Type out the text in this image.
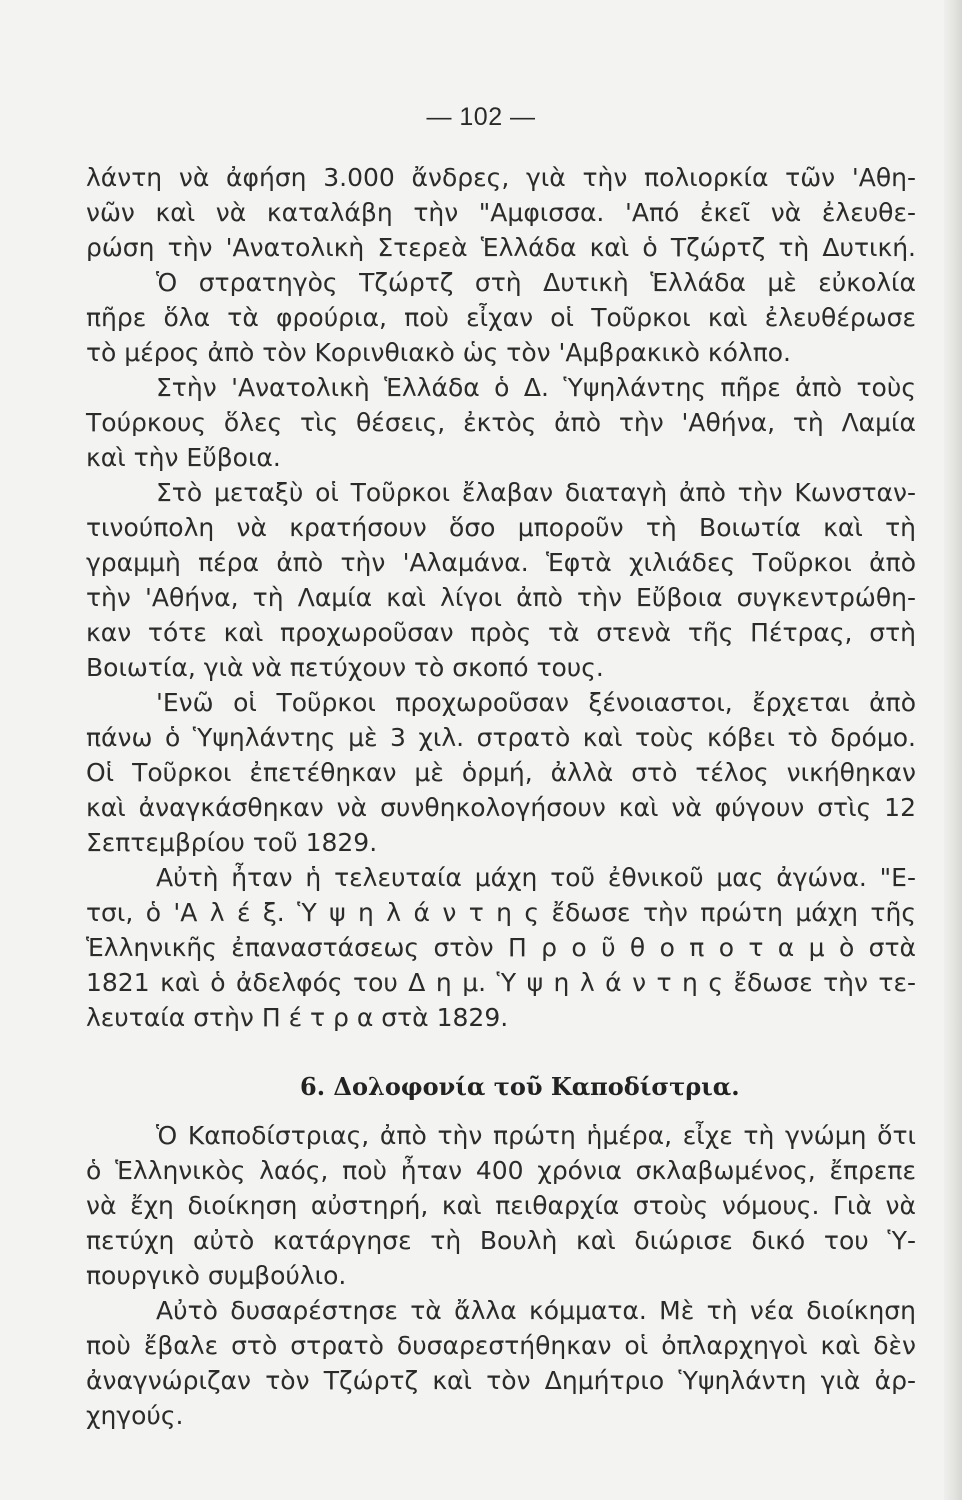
— 102 —
λάντη νὰ ἀφήση 3.000 ἄνδρες, γιὰ τὴν πολιορκία τῶν 'Αθη-
νῶν καὶ νὰ καταλάβη τὴν "Αμφισσα. 'Από ἐκεῖ νὰ ἐλευθε-
ρώση τὴν 'Ανατολικὴ Στερεὰ Ἑλλάδα καὶ ὁ Τζώρτζ τὴ Δυτική.
Ὁ στρατηγὸς Τζώρτζ στὴ Δυτικὴ Ἑλλάδα μὲ εὐκολία
πῆρε ὅλα τὰ φρούρια, ποὺ εἶχαν οἱ Τοῦρκοι καὶ ἐλευθέρωσε
τὸ μέρος ἀπὸ τὸν Κορινθιακὸ ὡς τὸν 'Αμβρακικὸ κόλπο.
Στὴν 'Ανατολικὴ Ἑλλάδα ὁ Δ. Ὑψηλάντης πῆρε ἀπὸ τοὺς
Τούρκους ὅλες τὶς θέσεις, ἐκτὸς ἀπὸ τὴν 'Αθήνα, τὴ Λαμία
καὶ τὴν Εὔβοια.
Στὸ μεταξὺ οἱ Τοῦρκοι ἔλαβαν διαταγὴ ἀπὸ τὴν Κωνσταν-
τινούπολη νὰ κρατήσουν ὅσο μποροῦν τὴ Βοιωτία καὶ τὴ
γραμμὴ πέρα ἀπὸ τὴν 'Αλαμάνα. Ἑφτὰ χιλιάδες Τοῦρκοι ἀπὸ
τὴν 'Αθήνα, τὴ Λαμία καὶ λίγοι ἀπὸ τὴν Εὔβοια συγκεντρώθη-
καν τότε καὶ προχωροῦσαν πρὸς τὰ στενὰ τῆς Πέτρας, στὴ
Βοιωτία, γιὰ νὰ πετύχουν τὸ σκοπό τους.
'Ενῶ οἱ Τοῦρκοι προχωροῦσαν ξένοιαστοι, ἔρχεται ἀπὸ
πάνω ὁ Ὑψηλάντης μὲ 3 χιλ. στρατὸ καὶ τοὺς κόβει τὸ δρόμο.
Οἱ Τοῦρκοι ἐπετέθηκαν μὲ ὁρμή, ἀλλὰ στὸ τέλος νικήθηκαν
καὶ ἀναγκάσθηκαν νὰ συνθηκολογήσουν καὶ νὰ φύγουν στὶς 12
Σεπτεμβρίου τοῦ 1829.
Αὐτὴ ἦταν ἡ τελευταία μάχη τοῦ ἐθνικοῦ μας ἀγώνα. "Ε-
τσι, ὁ 'Α λ έ ξ. Ὑ ψ η λ ά ν τ η ς ἔδωσε τὴν πρώτη μάχη τῆς
Ἑλληνικῆς ἐπαναστάσεως στὸν Π ρ ο ῦ θ ο π ο τ α μ ὸ στὰ
1821 καὶ ὁ ἀδελφός του Δ η μ. Ὑ ψ η λ ά ν τ η ς ἔδωσε τὴν τε-
λευταία στὴν Π έ τ ρ α στὰ 1829.
6. Δολοφονία τοῦ Καποδίστρια.
Ὁ Καποδίστριας, ἀπὸ τὴν πρώτη ἡμέρα, εἶχε τὴ γνώμη ὅτι
ὁ Ἑλληνικὸς λαός, ποὺ ἦταν 400 χρόνια σκλαβωμένος, ἔπρεπε
νὰ ἔχη διοίκηση αὐστηρή, καὶ πειθαρχία στοὺς νόμους. Γιὰ νὰ
πετύχη αὐτὸ κατάργησε τὴ Βουλὴ καὶ διώρισε δικό του Ὑ-
πουργικὸ συμβούλιο.
Αὐτὸ δυσαρέστησε τὰ ἄλλα κόμματα. Μὲ τὴ νέα διοίκηση
ποὺ ἔβαλε στὸ στρατὸ δυσαρεστήθηκαν οἱ ὀπλαρχηγοὶ καὶ δὲν
ἀναγνώριζαν τὸν Τζώρτζ καὶ τὸν Δημήτριο Ὑψηλάντη γιὰ ἀρ-
χηγούς.
